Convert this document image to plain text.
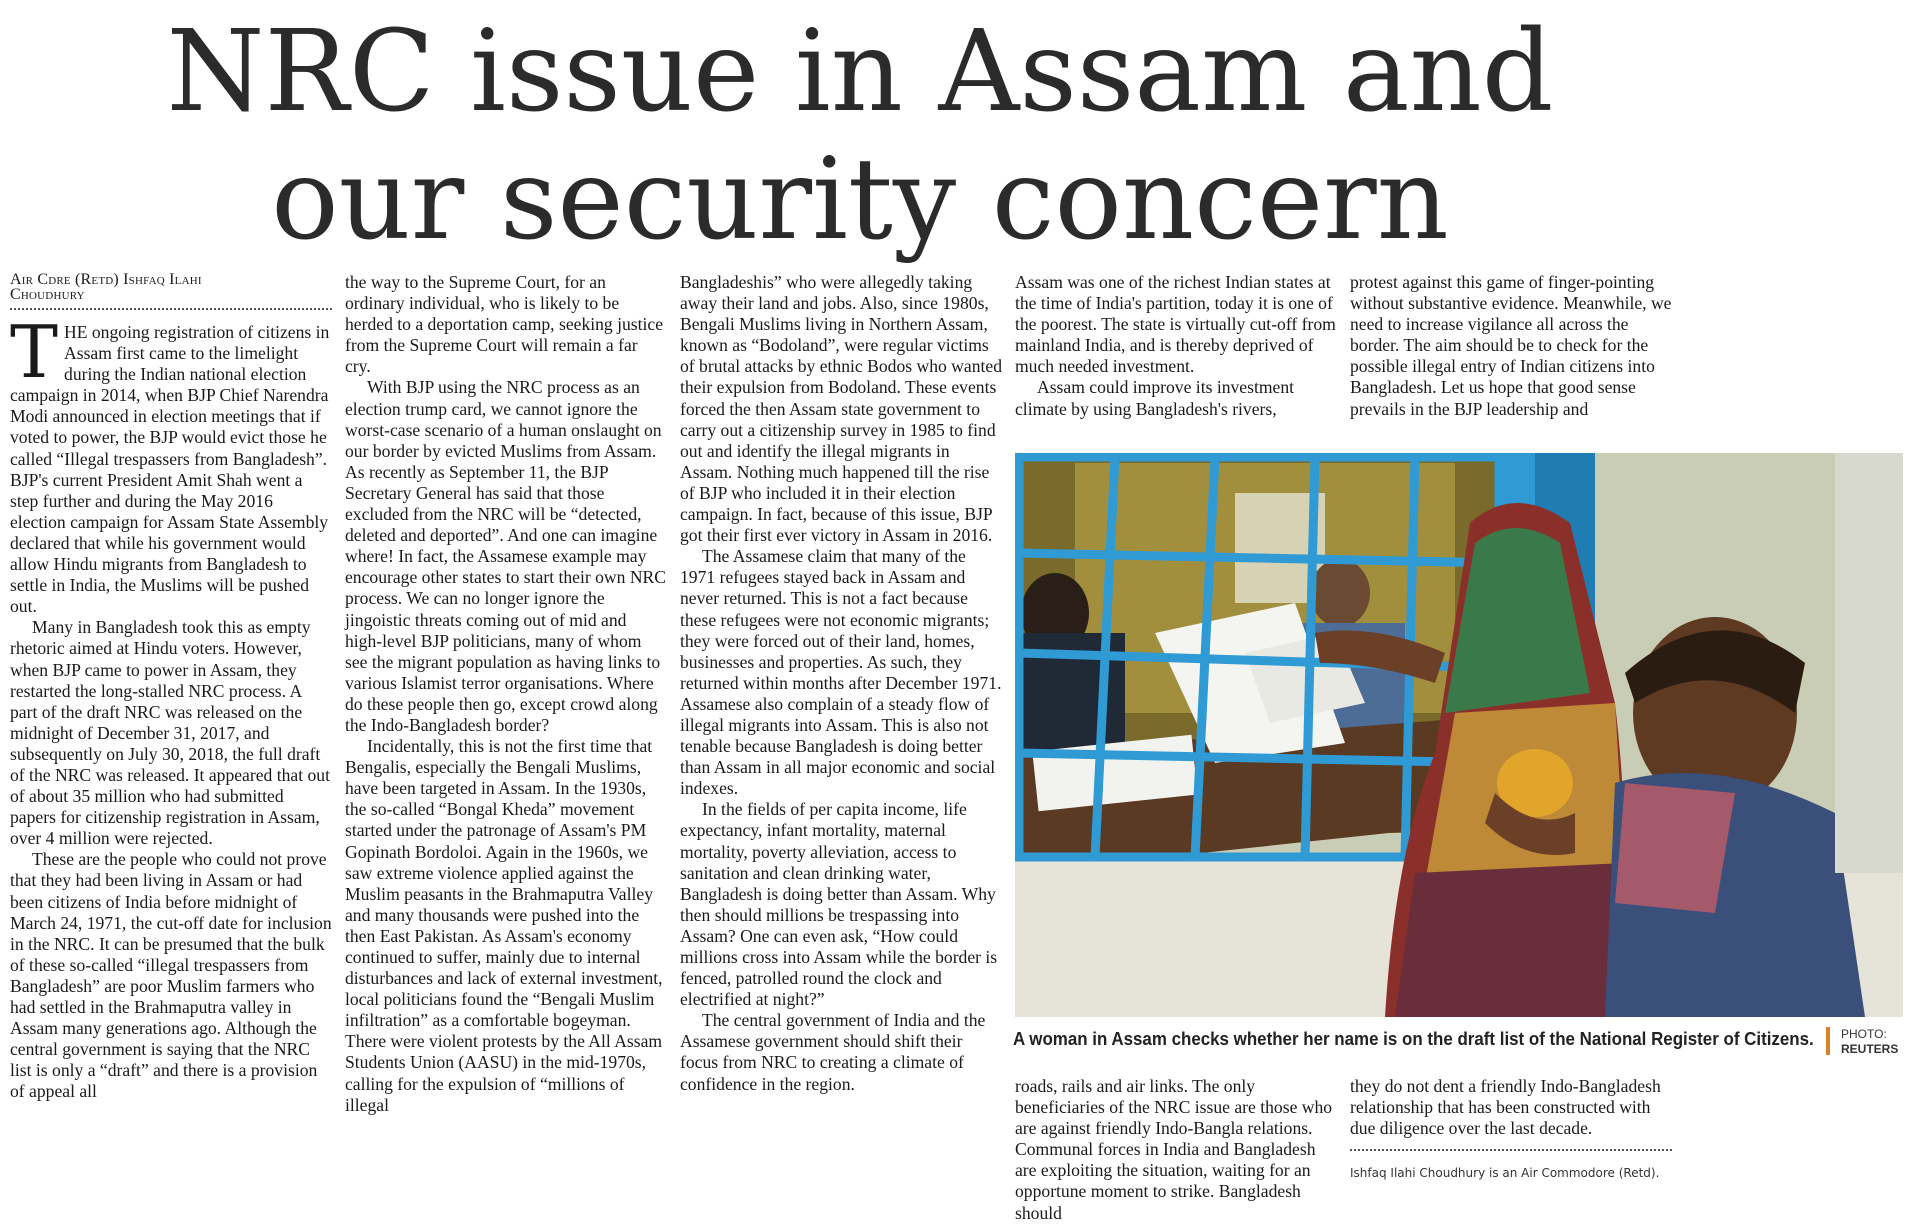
NRC issue in Assam and
our security concern
Air Cdre (Retd) Ishfaq Ilahi
Choudhury

THE ongoing registration of citizens in Assam first came to the limelight during the Indian national election campaign in 2014, when BJP Chief Narendra Modi announced in election meetings that if voted to power, the BJP would evict those he called “Illegal trespassers from Bangladesh”. BJP's current President Amit Shah went a step further and during the May 2016 election campaign for Assam State Assembly declared that while his government would allow Hindu migrants from Bangladesh to settle in India, the Muslims will be pushed out.

Many in Bangladesh took this as empty rhetoric aimed at Hindu voters. However, when BJP came to power in Assam, they restarted the long-stalled NRC process. A part of the draft NRC was released on the midnight of December 31, 2017, and subsequently on July 30, 2018, the full draft of the NRC was released. It appeared that out of about 35 million who had submitted papers for citizenship registration in Assam, over 4 million were rejected.

These are the people who could not prove that they had been living in Assam or had been citizens of India before midnight of March 24, 1971, the cut-off date for inclusion in the NRC. It can be presumed that the bulk of these so-called “illegal trespassers from Bangladesh” are poor Muslim farmers who had settled in the Brahmaputra valley in Assam many generations ago. Although the central government is saying that the NRC list is only a “draft” and there is a provision of appeal all

the way to the Supreme Court, for an ordinary individual, who is likely to be herded to a deportation camp, seeking justice from the Supreme Court will remain a far cry.

With BJP using the NRC process as an election trump card, we cannot ignore the worst-case scenario of a human onslaught on our border by evicted Muslims from Assam. As recently as September 11, the BJP Secretary General has said that those excluded from the NRC will be “detected, deleted and deported”. And one can imagine where! In fact, the Assamese example may encourage other states to start their own NRC process. We can no longer ignore the jingoistic threats coming out of mid and high-level BJP politicians, many of whom see the migrant population as having links to various Islamist terror organisations. Where do these people then go, except crowd along the Indo-Bangladesh border?

Incidentally, this is not the first time that Bengalis, especially the Bengali Muslims, have been targeted in Assam. In the 1930s, the so-called “Bongal Kheda” movement started under the patronage of Assam's PM Gopinath Bordoloi. Again in the 1960s, we saw extreme violence applied against the Muslim peasants in the Brahmaputra Valley and many thousands were pushed into the then East Pakistan. As Assam's economy continued to suffer, mainly due to internal disturbances and lack of external investment, local politicians found the “Bengali Muslim infiltration” as a comfortable bogeyman. There were violent protests by the All Assam Students Union (AASU) in the mid-1970s, calling for the expulsion of “millions of illegal

Bangladeshis” who were allegedly taking away their land and jobs. Also, since 1980s, Bengali Muslims living in Northern Assam, known as “Bodoland”, were regular victims of brutal attacks by ethnic Bodos who wanted their expulsion from Bodoland. These events forced the then Assam state government to carry out a citizenship survey in 1985 to find out and identify the illegal migrants in Assam. Nothing much happened till the rise of BJP who included it in their election campaign. In fact, because of this issue, BJP got their first ever victory in Assam in 2016.

The Assamese claim that many of the 1971 refugees stayed back in Assam and never returned. This is not a fact because these refugees were not economic migrants; they were forced out of their land, homes, businesses and properties. As such, they returned within months after December 1971. Assamese also complain of a steady flow of illegal migrants into Assam. This is also not tenable because Bangladesh is doing better than Assam in all major economic and social indexes.

In the fields of per capita income, life expectancy, infant mortality, maternal mortality, poverty alleviation, access to sanitation and clean drinking water, Bangladesh is doing better than Assam. Why then should millions be trespassing into Assam? One can even ask, “How could millions cross into Assam while the border is fenced, patrolled round the clock and electrified at night?”

The central government of India and the Assamese government should shift their focus from NRC to creating a climate of confidence in the region.

Assam was one of the richest Indian states at the time of India's partition, today it is one of the poorest. The state is virtually cut-off from mainland India, and is thereby deprived of much needed investment.

Assam could improve its investment climate by using Bangladesh's rivers,

protest against this game of finger-pointing without substantive evidence. Meanwhile, we need to increase vigilance all across the border. The aim should be to check for the possible illegal entry of Indian citizens into Bangladesh. Let us hope that good sense prevails in the BJP leadership and

A woman in Assam checks whether her name is on the draft list of the National Register of Citizens. PHOTO:
REUTERS

roads, rails and air links. The only beneficiaries of the NRC issue are those who are against friendly Indo-Bangla relations. Communal forces in India and Bangladesh are exploiting the situation, waiting for an opportune moment to strike. Bangladesh should

they do not dent a friendly Indo-Bangladesh relationship that has been constructed with due diligence over the last decade.

Ishfaq Ilahi Choudhury is an Air Commodore (Retd).
